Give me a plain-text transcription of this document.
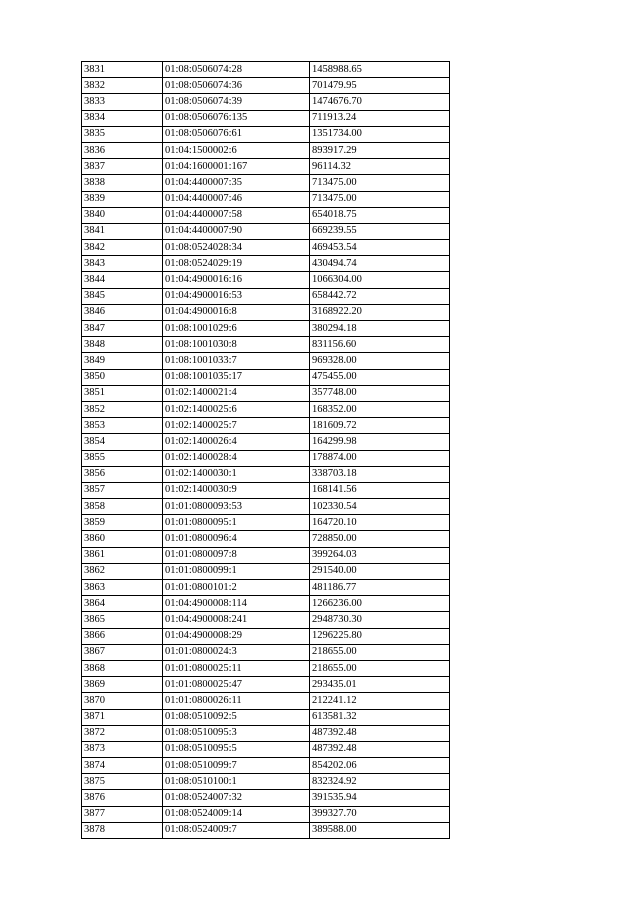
3831	01:08:0506074:28	1458988.65
3832	01:08:0506074:36	701479.95
3833	01:08:0506074:39	1474676.70
3834	01:08:0506076:135	711913.24
3835	01:08:0506076:61	1351734.00
3836	01:04:1500002:6	893917.29
3837	01:04:1600001:167	96114.32
3838	01:04:4400007:35	713475.00
3839	01:04:4400007:46	713475.00
3840	01:04:4400007:58	654018.75
3841	01:04:4400007:90	669239.55
3842	01:08:0524028:34	469453.54
3843	01:08:0524029:19	430494.74
3844	01:04:4900016:16	1066304.00
3845	01:04:4900016:53	658442.72
3846	01:04:4900016:8	3168922.20
3847	01:08:1001029:6	380294.18
3848	01:08:1001030:8	831156.60
3849	01:08:1001033:7	969328.00
3850	01:08:1001035:17	475455.00
3851	01:02:1400021:4	357748.00
3852	01:02:1400025:6	168352.00
3853	01:02:1400025:7	181609.72
3854	01:02:1400026:4	164299.98
3855	01:02:1400028:4	178874.00
3856	01:02:1400030:1	338703.18
3857	01:02:1400030:9	168141.56
3858	01:01:0800093:53	102330.54
3859	01:01:0800095:1	164720.10
3860	01:01:0800096:4	728850.00
3861	01:01:0800097:8	399264.03
3862	01:01:0800099:1	291540.00
3863	01:01:0800101:2	481186.77
3864	01:04:4900008:114	1266236.00
3865	01:04:4900008:241	2948730.30
3866	01:04:4900008:29	1296225.80
3867	01:01:0800024:3	218655.00
3868	01:01:0800025:11	218655.00
3869	01:01:0800025:47	293435.01
3870	01:01:0800026:11	212241.12
3871	01:08:0510092:5	613581.32
3872	01:08:0510095:3	487392.48
3873	01:08:0510095:5	487392.48
3874	01:08:0510099:7	854202.06
3875	01:08:0510100:1	832324.92
3876	01:08:0524007:32	391535.94
3877	01:08:0524009:14	399327.70
3878	01:08:0524009:7	389588.00
